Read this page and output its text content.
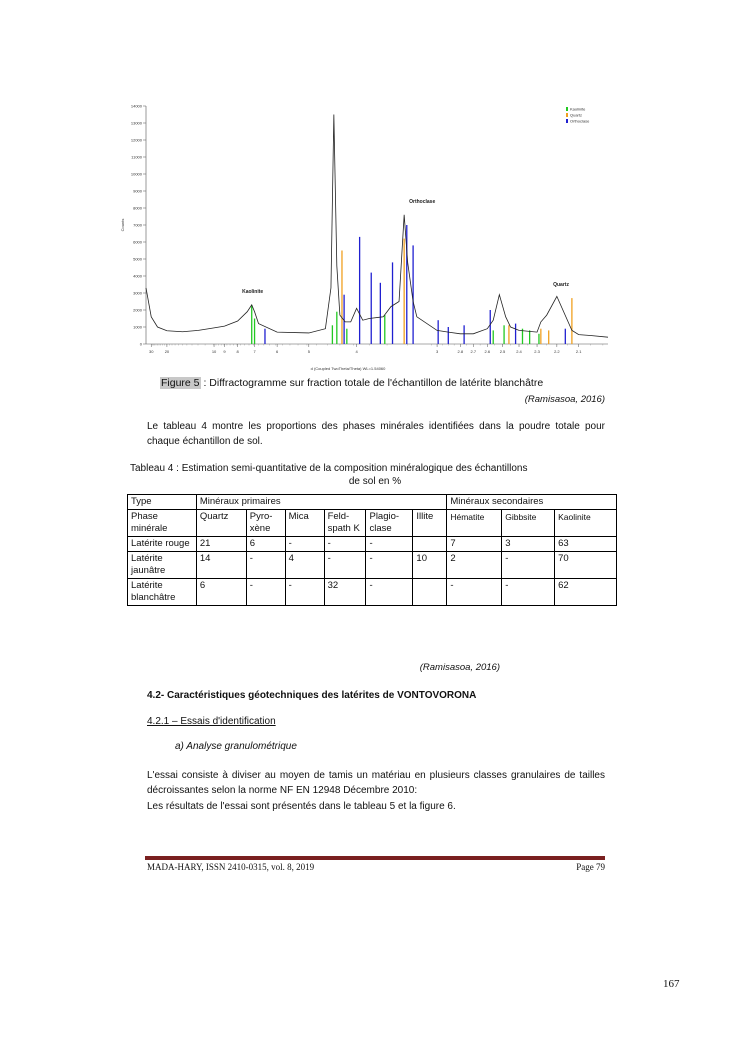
0
1000
2000
3000
4000
5000
6000
7000
8000
9000
10000
11000
12000
13000
14000
30	20	10 9	8	7	6	5	4	3	2.8 2.7 2.6 2.5	2.4	2.3	2.2	2.1
Counts
d (Coupled TwoTheta/Theta) WL=1.54060
Kaolinite
Orthoclase
Quartz
Kaolinite
Quartz
Orthoclase
Figure 5 : Diffractogramme sur fraction totale de l'échantillon de latérite blanchâtre
(Ramisasoa, 2016)

Le tableau 4 montre les proportions des phases minérales identifiées dans la poudre totale pour chaque échantillon de sol.

Tableau 4 : Estimation semi-quantitative de la composition minéralogique des échantillons
de sol en %
Type	Minéraux primaires						Minéraux secondaires		
Phase minérale	Quartz	Pyro-xène	Mica	Feld-spath K	Plagio-clase	Illite	Hématite	Gibbsite	Kaolinite
Latérite rouge	21	6	-	-	-		7	3	63
Latérite jaunâtre	14	-	4	-	-	10	2	-	70
Latérite blanchâtre	6	-	-	32	-		-	-	62
(Ramisasoa, 2016)
4.2- Caractéristiques géotechniques des latérites de VONTOVORONA
4.2.1 – Essais d'identification
a) Analyse granulométrique

L'essai consiste à diviser au moyen de tamis un matériau en plusieurs classes granulaires de tailles décroissantes selon la norme NF EN 12948 Décembre 2010:

Les résultats de l'essai sont présentés dans le tableau 5 et la figure 6.

MADA-HARY, ISSN 2410-0315, vol. 8, 2019	Page 79
167
